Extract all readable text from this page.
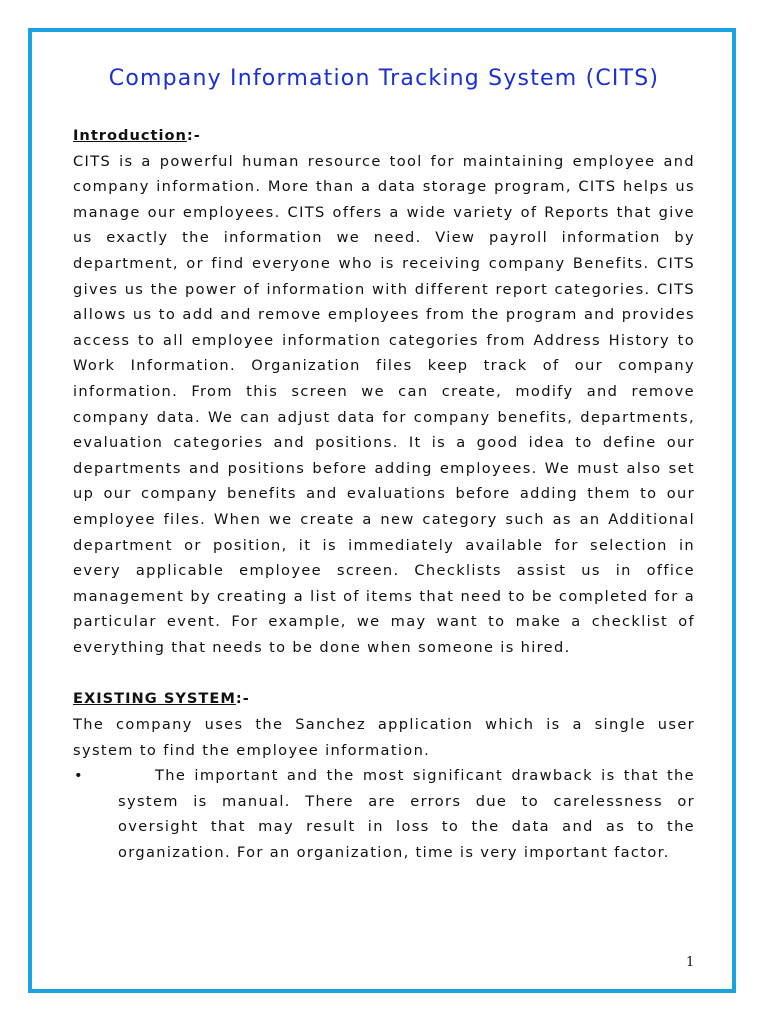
Company Information Tracking System (CITS)
Introduction:-

CITS is a powerful human resource tool for maintaining employee and company information. More than a data storage program, CITS helps us manage our employees. CITS offers a wide variety of Reports that give us exactly the information we need. View payroll information by department, or find everyone who is receiving company Benefits. CITS gives us the power of information with different report categories. CITS allows us to add and remove employees from the program and provides access to all employee information categories from Address History to Work Information. Organization files keep track of our company information. From this screen we can create, modify and remove company data. We can adjust data for company benefits, departments, evaluation categories and positions. It is a good idea to define our departments and positions before adding employees. We must also set up our company benefits and evaluations before adding them to our employee files. When we create a new category such as an Additional department or position, it is immediately available for selection in every applicable employee screen. Checklists assist us in office management by creating a list of items that need to be completed for a particular event. For example, we may want to make a checklist of everything that needs to be done when someone is hired.

EXISTING SYSTEM:-

The company uses the Sanchez application which is a single user system to find the employee information.

•	The important and the most significant drawback is that the system is manual. There are errors due to carelessness or oversight that may result in loss to the data and as to the organization. For an organization, time is very important factor.
1
